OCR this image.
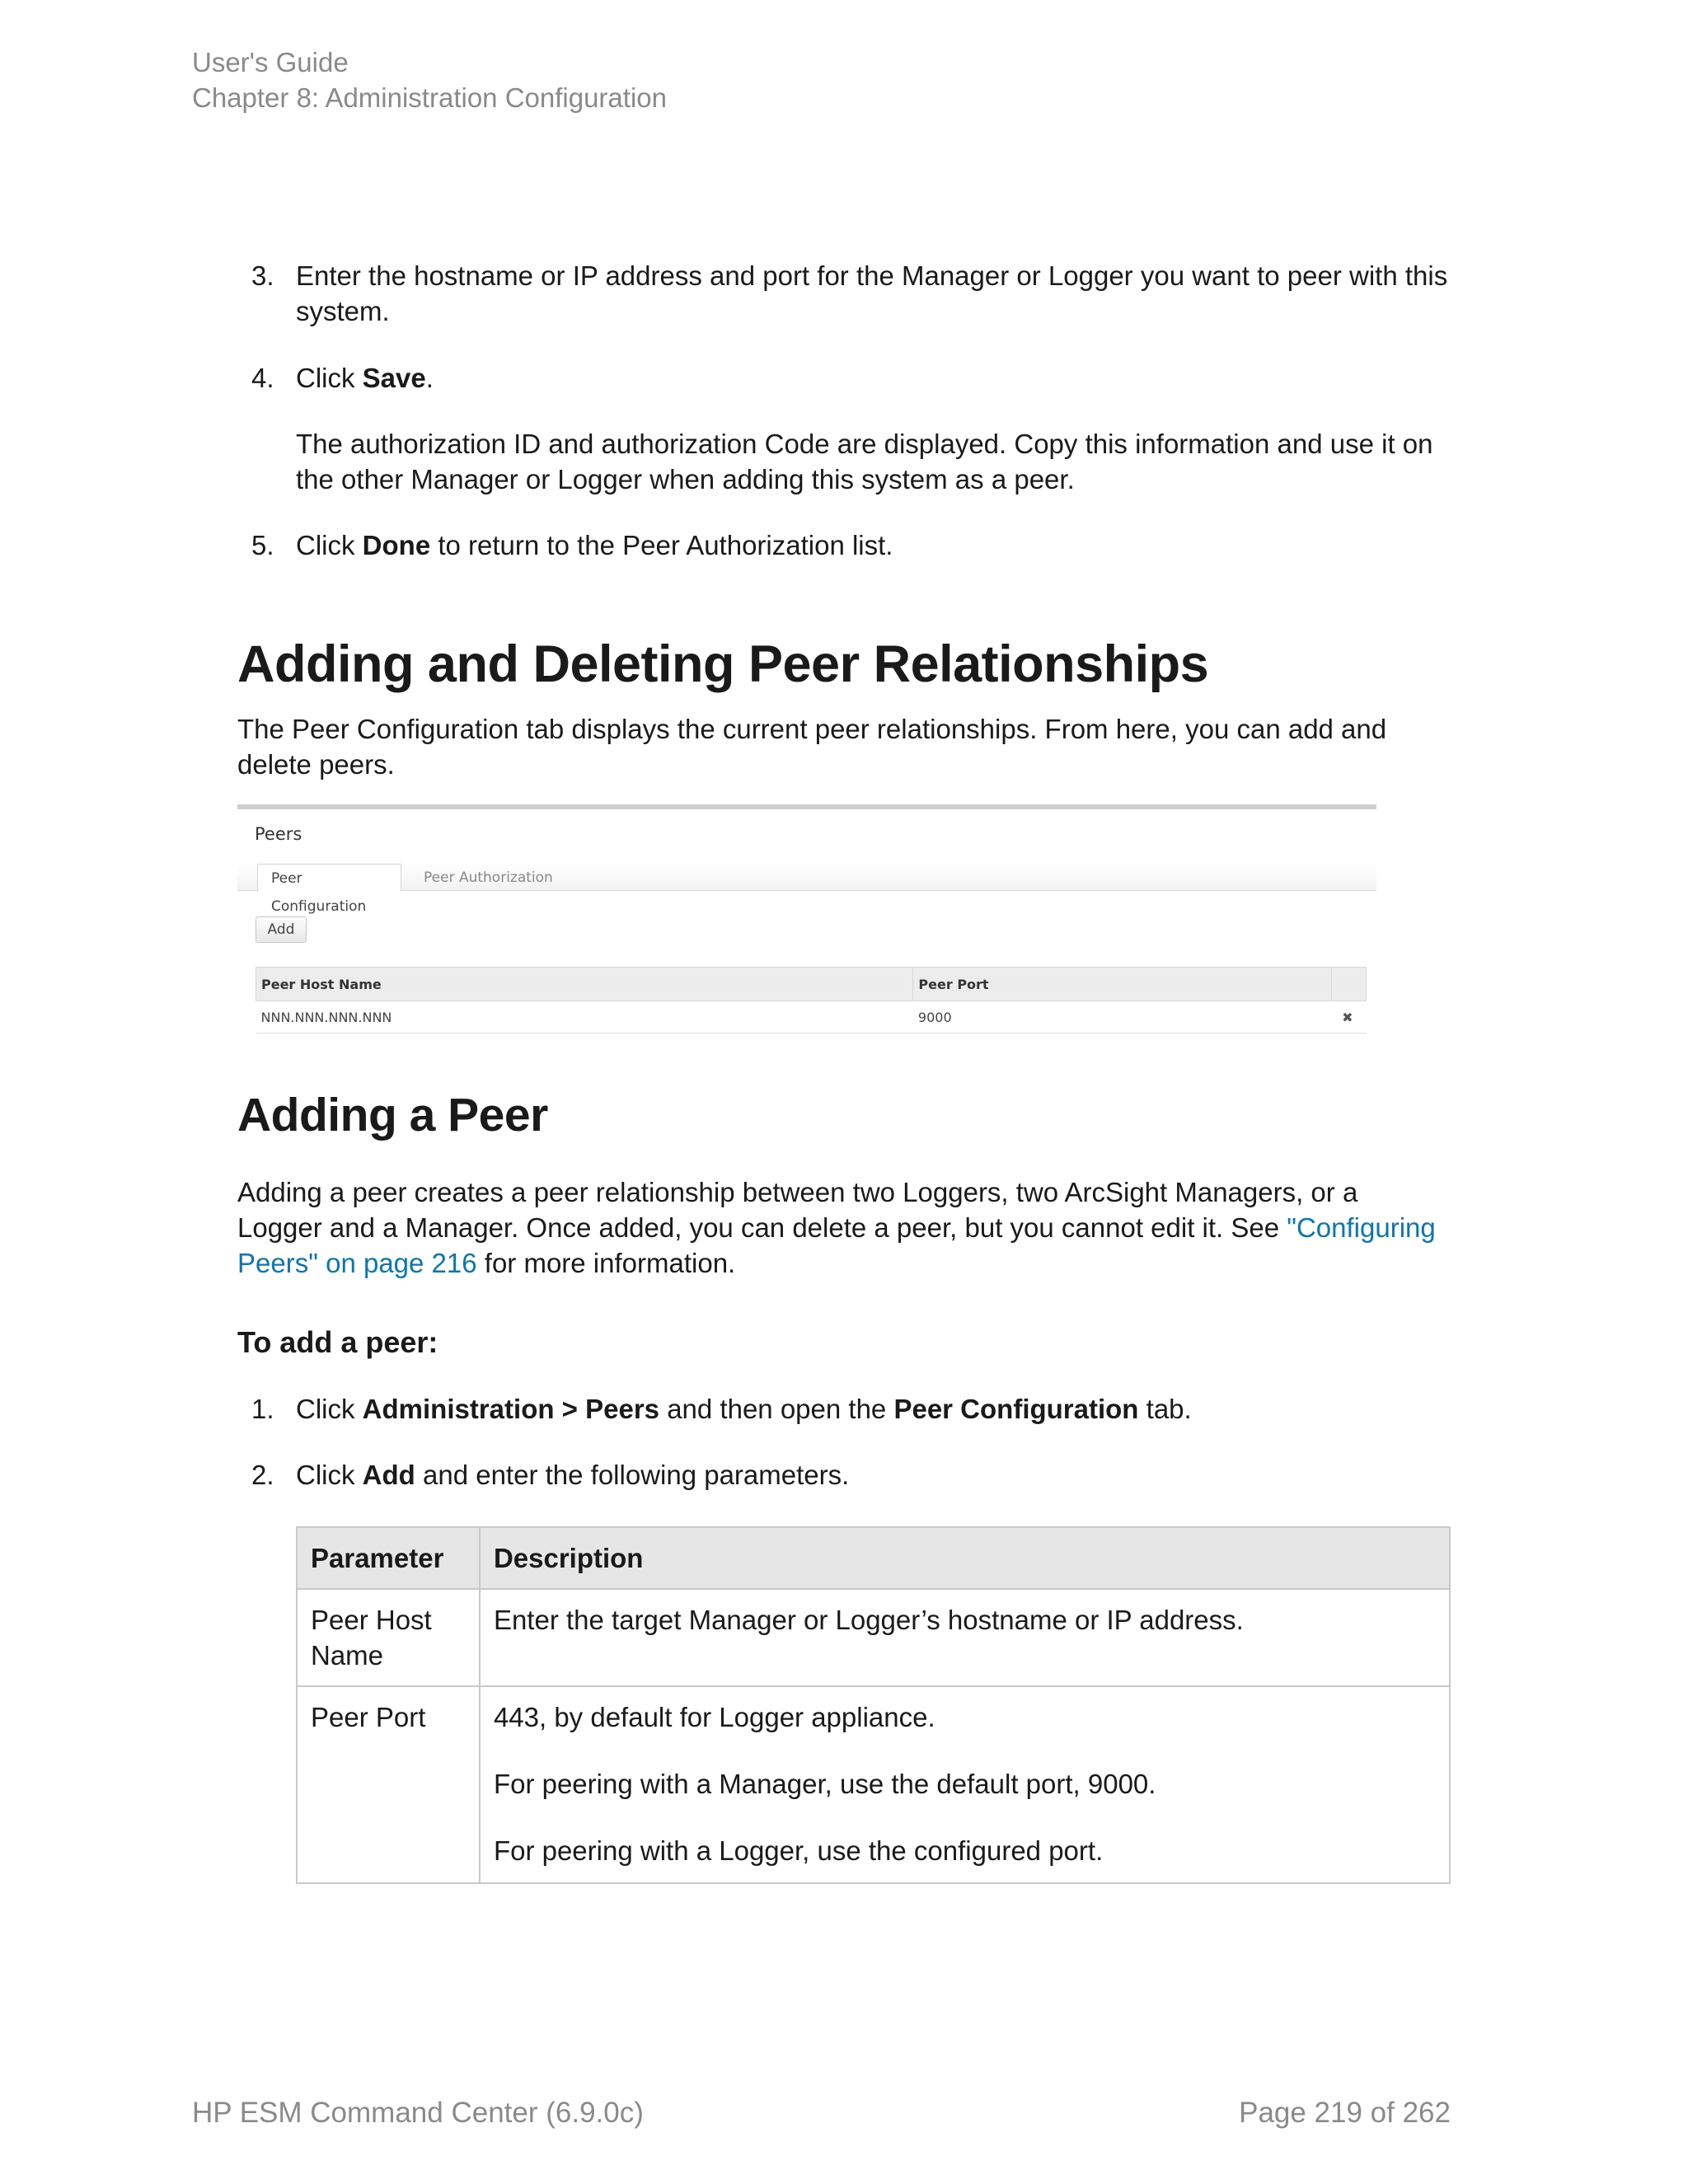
User's Guide
Chapter 8: Administration Configuration
3. Enter the hostname or IP address and port for the Manager or Logger you want to peer with this system.

4. Click Save.

The authorization ID and authorization Code are displayed. Copy this information and use it on the other Manager or Logger when adding this system as a peer.

5. Click Done to return to the Peer Authorization list.

Adding and Deleting Peer Relationships

The Peer Configuration tab displays the current peer relationships. From here, you can add and delete peers.

Peers
Peer Configuration
Peer Authorization
Add
Peer Host Name	Peer Port	
NNN.NNN.NNN.NNN	9000	✖
Adding a Peer

Adding a peer creates a peer relationship between two Loggers, two ArcSight Managers, or a Logger and a Manager. Once added, you can delete a peer, but you cannot edit it. See "Configuring Peers" on page 216 for more information.

To add a peer:
1. Click Administration > Peers and then open the Peer Configuration tab.

2. Click Add and enter the following parameters.

Parameter	Description
Peer Host Name	Enter the target Manager or Logger’s hostname or IP address.

Peer Port	443, by default for Logger appliance.

For peering with a Manager, use the default port, 9000.

For peering with a Logger, use the configured port.

HP ESM Command Center (6.9.0c)	Page 219 of 262
